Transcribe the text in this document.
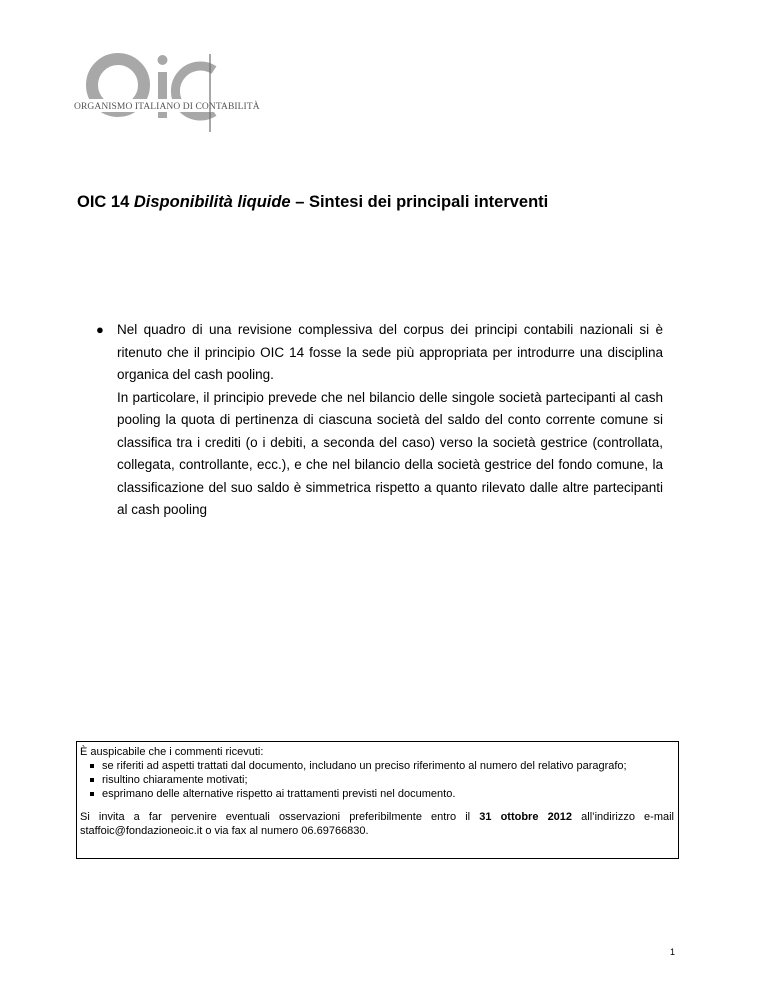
ORGANISMO ITALIANO DI CONTABILITÀ
OIC 14 Disponibilità liquide – Sintesi dei principali interventi
● Nel quadro di una revisione complessiva del corpus dei principi contabili nazionali si è ritenuto che il principio OIC 14 fosse la sede più appropriata per introdurre una disciplina organica del cash pooling.

In particolare, il principio prevede che nel bilancio delle singole società partecipanti al cash pooling la quota di pertinenza di ciascuna società del saldo del conto corrente comune si classifica tra i crediti (o i debiti, a seconda del caso) verso la società gestrice (controllata, collegata, controllante, ecc.), e che nel bilancio della società gestrice del fondo comune, la classificazione del suo saldo è simmetrica rispetto a quanto rilevato dalle altre partecipanti al cash pooling

È auspicabile che i commenti ricevuti:
se riferiti ad aspetti trattati dal documento, includano un preciso riferimento al numero del relativo paragrafo;
risultino chiaramente motivati;
esprimano delle alternative rispetto ai trattamenti previsti nel documento.

Si invita a far pervenire eventuali osservazioni preferibilmente entro il 31 ottobre 2012 all’indirizzo e-mail staffoic@fondazioneoic.it o via fax al numero 06.69766830.

1
